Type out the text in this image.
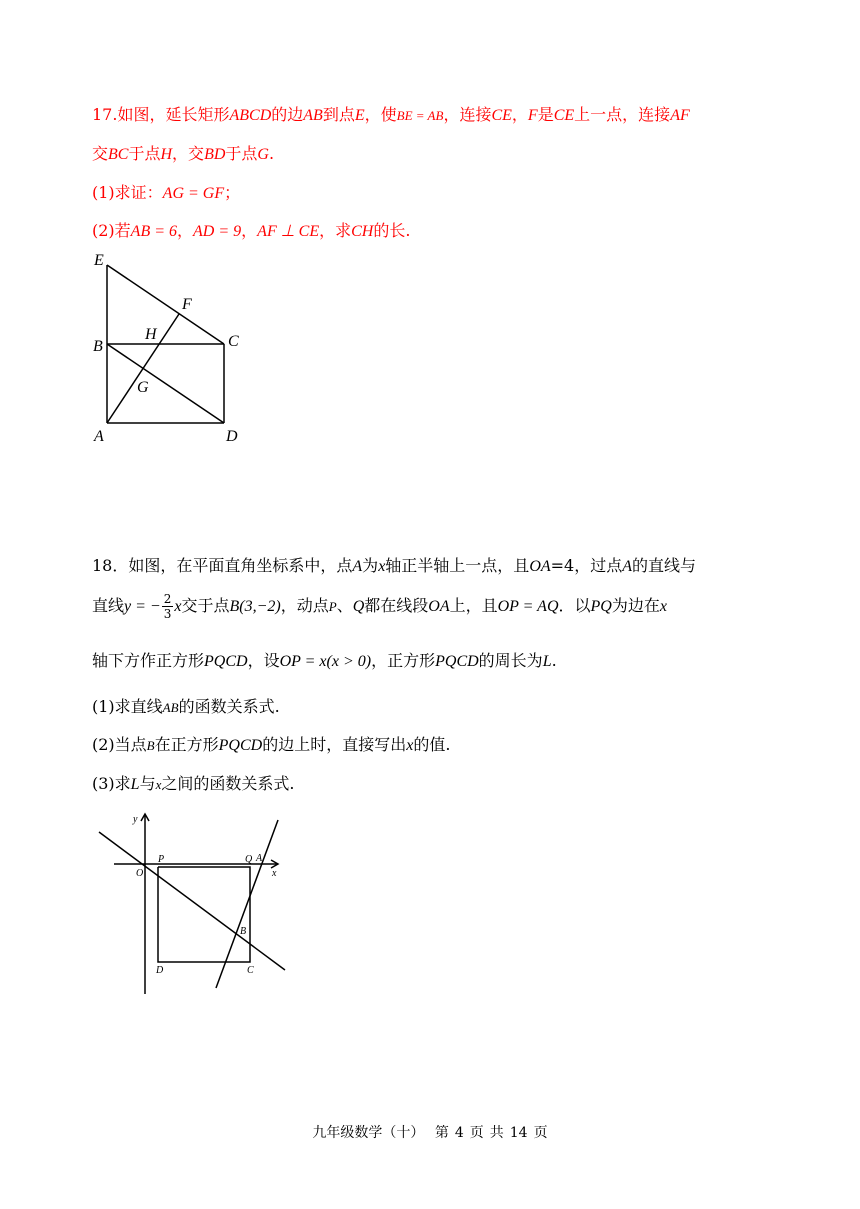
17.如图，延长矩形ABCD的边AB到点E，使BE = AB，连接CE，F是CE上一点，连接AF
交BC于点H，交BD于点G.
(1)求证：AG = GF；
(2)若AB = 6，AD = 9，AF ⊥ CE，求CH的长.
E
F
H
B	C
G
A	D
18．如图，在平面直角坐标系中，点A为x轴正半轴上一点，且OA=4，过点A的直线与
直线y = − $\frac{2}{3}$ x交于点B(3,−2)，动点P、Q都在线段OA上，且OP = AQ．以PQ为边在x
轴下方作正方形PQCD，设OP = x(x > 0)，正方形PQCD的周长为L.
(1)求直线AB的函数关系式.
(2)当点B在正方形PQCD的边上时，直接写出x的值.
(3)求L与x之间的函数关系式.
y
x
O
P	Q A
B
D	C
九年级数学（十） 第 4 页 共 14 页
